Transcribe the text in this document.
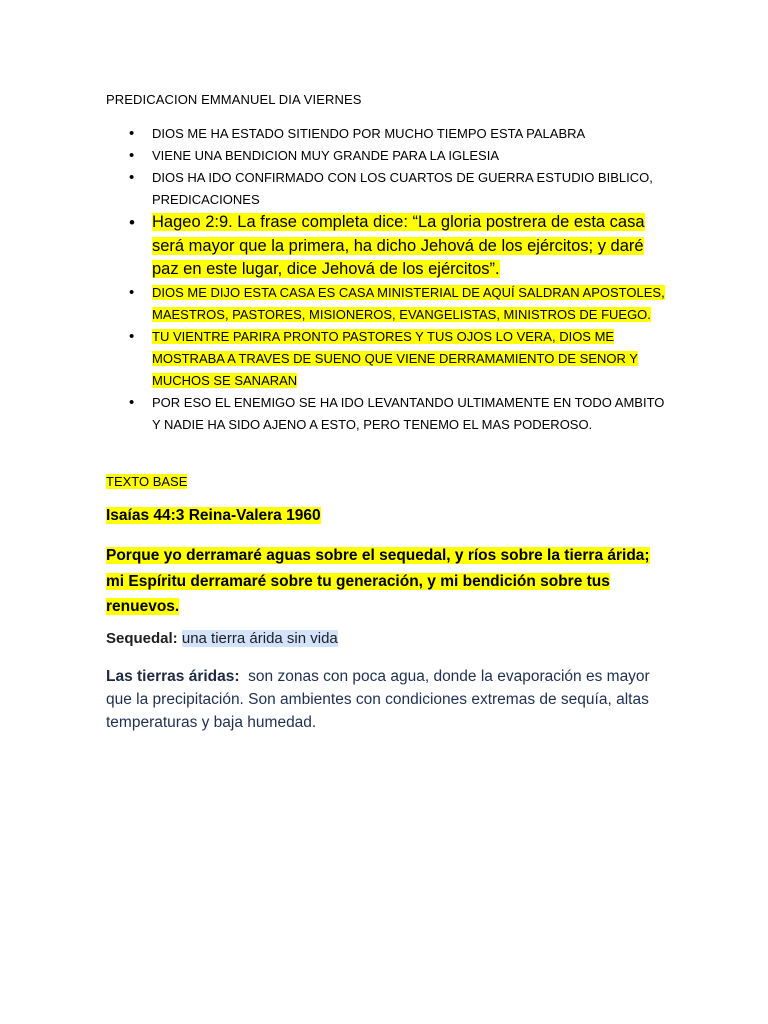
PREDICACION EMMANUEL DIA VIERNES

• DIOS ME HA ESTADO SITIENDO POR MUCHO TIEMPO ESTA PALABRA
• VIENE UNA BENDICION MUY GRANDE PARA LA IGLESIA
• DIOS HA IDO CONFIRMADO CON LOS CUARTOS DE GUERRA ESTUDIO BIBLICO, PREDICACIONES
• Hageo 2:9. La frase completa dice: “La gloria postrera de esta casa será mayor que la primera, ha dicho Jehová de los ejércitos; y daré paz en este lugar, dice Jehová de los ejércitos”.
• DIOS ME DIJO ESTA CASA ES CASA MINISTERIAL DE AQUÍ SALDRAN APOSTOLES, MAESTROS, PASTORES, MISIONEROS, EVANGELISTAS, MINISTROS DE FUEGO.
• TU VIENTRE PARIRA PRONTO PASTORES Y TUS OJOS LO VERA, DIOS ME MOSTRABA A TRAVES DE SUENO QUE VIENE DERRAMAMIENTO DE SENOR Y MUCHOS SE SANARAN
• POR ESO EL ENEMIGO SE HA IDO LEVANTANDO ULTIMAMENTE EN TODO AMBITO Y NADIE HA SIDO AJENO A ESTO, PERO TENEMO EL MAS PODEROSO.

TEXTO BASE

Isaías 44:3 Reina-Valera 1960

Porque yo derramaré aguas sobre el sequedal, y ríos sobre la tierra árida; mi Espíritu derramaré sobre tu generación, y mi bendición sobre tus renuevos.

Sequedal: una tierra árida sin vida

Las tierras áridas: son zonas con poca agua, donde la evaporación es mayor que la precipitación. Son ambientes con condiciones extremas de sequía, altas temperaturas y baja humedad.
